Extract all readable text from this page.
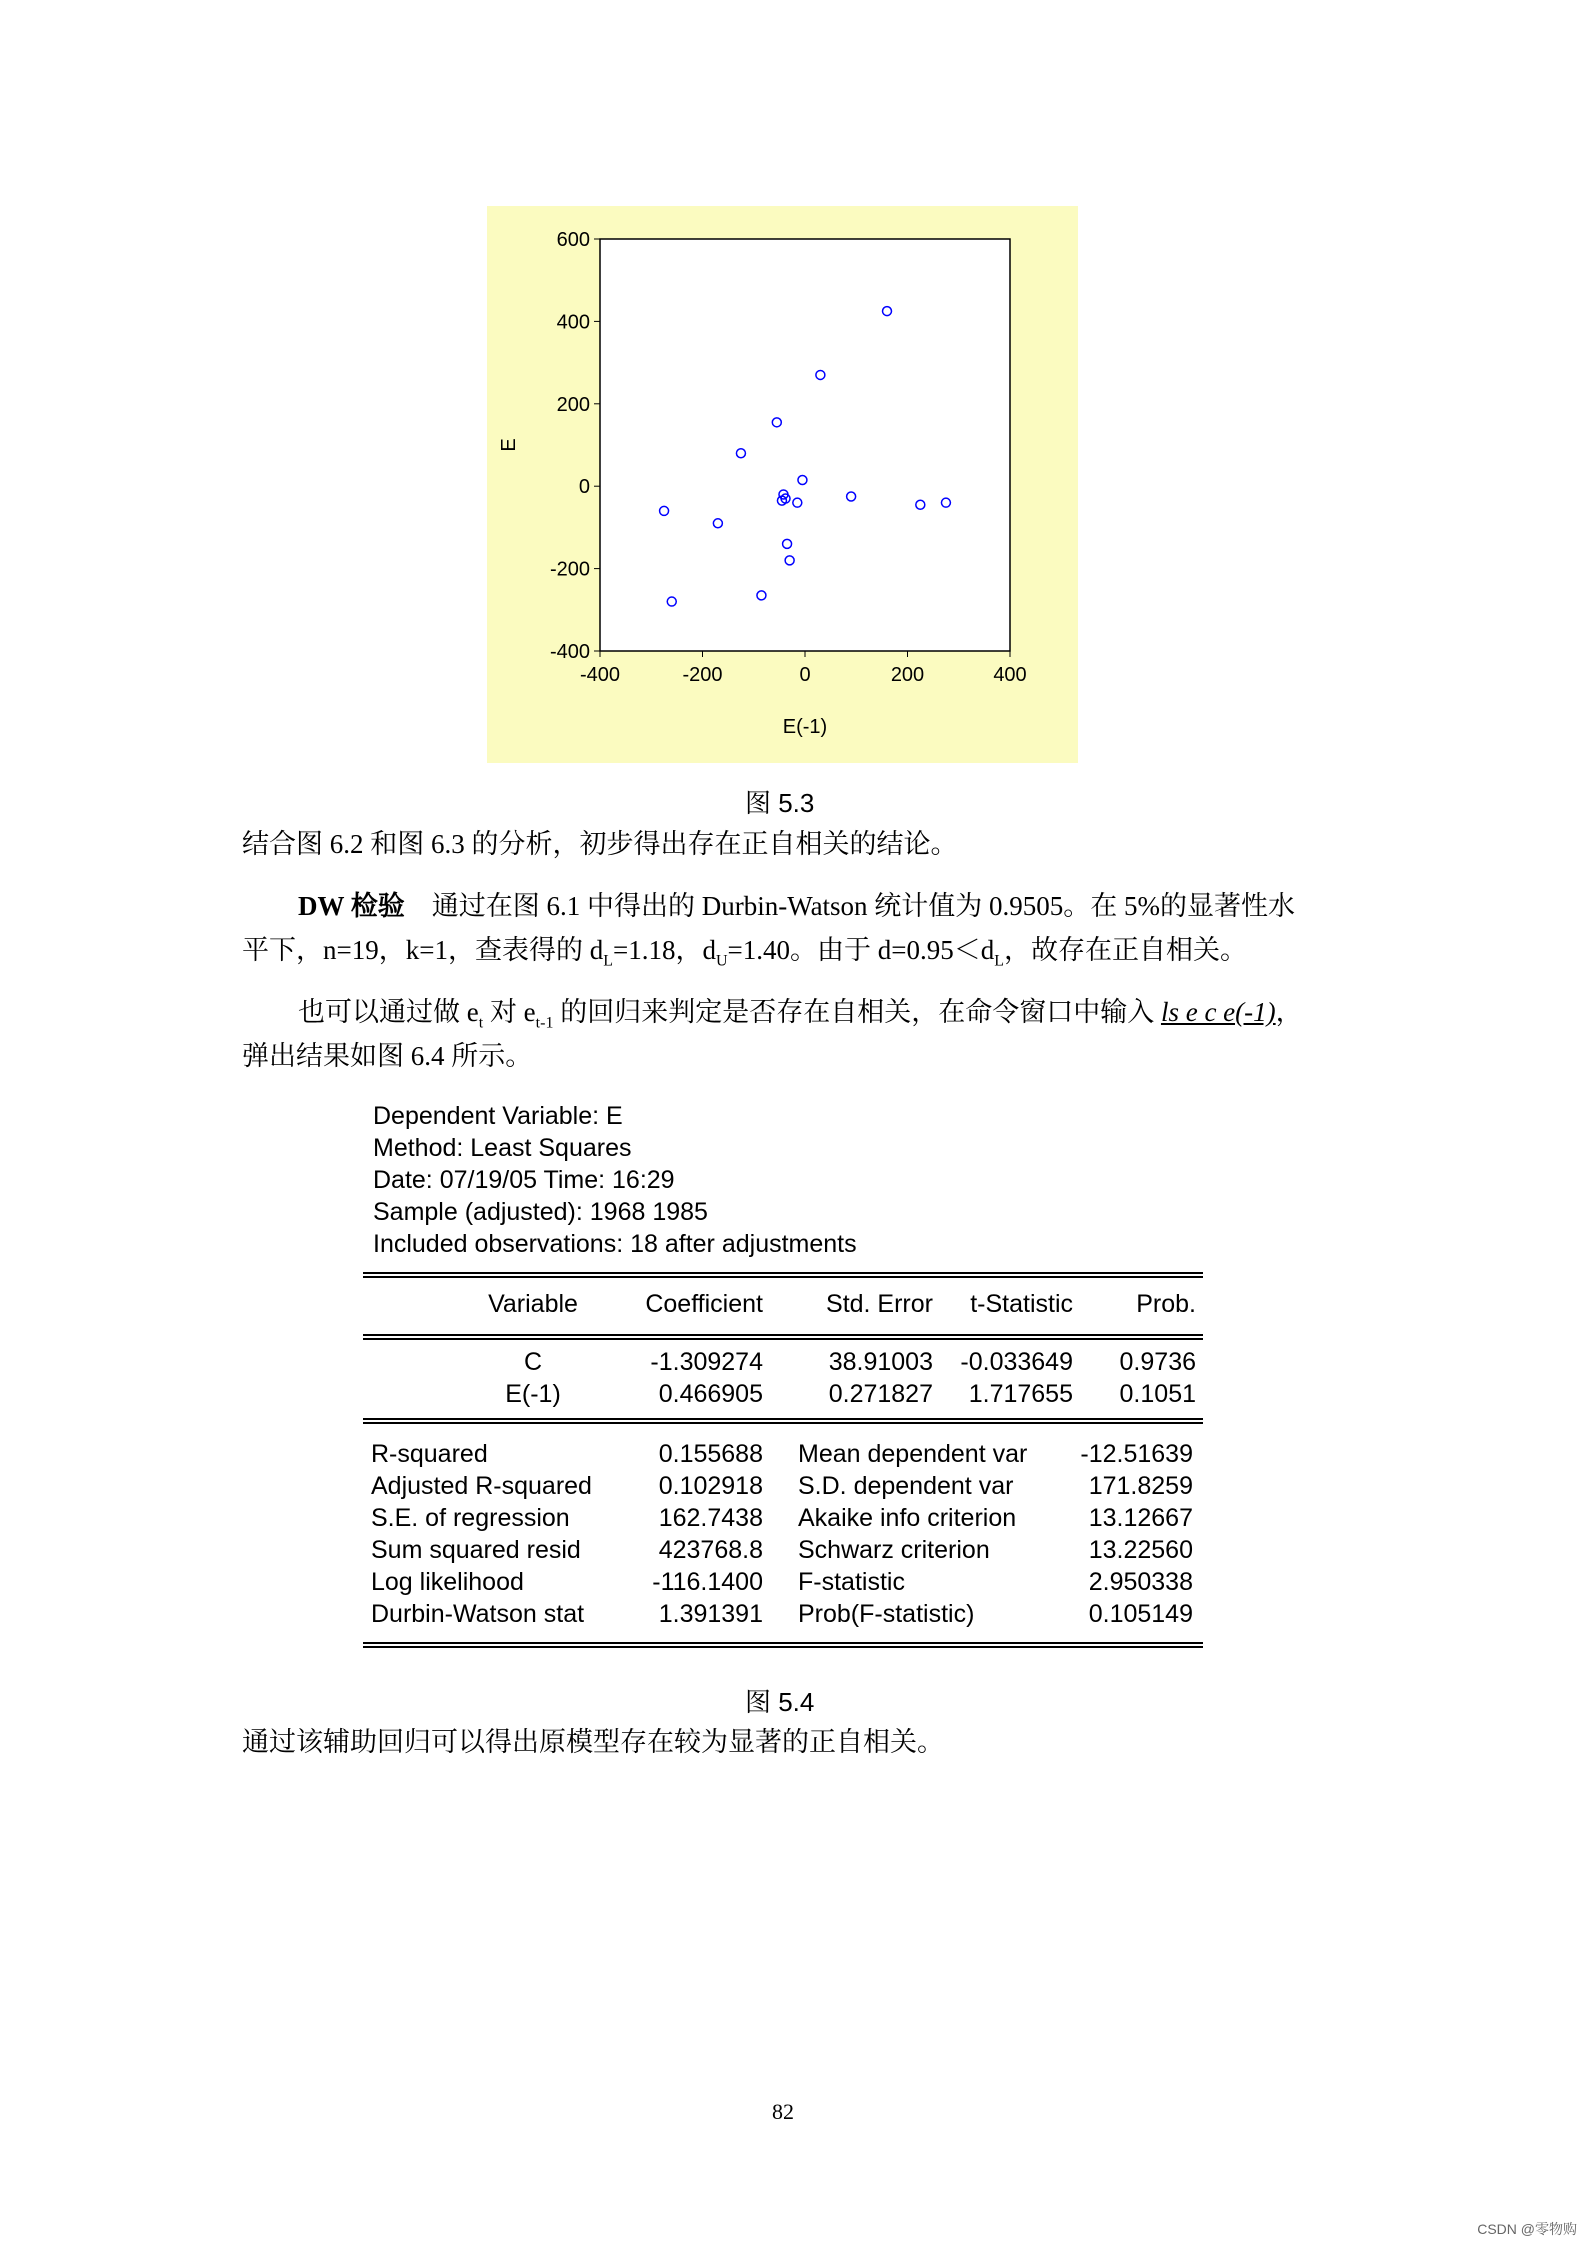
600
400
200
0
-200
-400
-400	-200	0	200	400
E(-1)
E
图 5.3
结合图 6.2 和图 6.3 的分析，初步得出存在正自相关的结论。
DW 检验 通过在图 6.1 中得出的 Durbin-Watson 统计值为 0.9505。在 5%的显著性水
平下，n=19，k=1，查表得的 $d_L=1.18$，$d_U=1.40$。由于 $d=0.95<d_L$，故存在正自相关。
也可以通过做 $e_t$ 对 $e_{t-1}$ 的回归来判定是否存在自相关，在命令窗口中输入 ls e c e(-1)，
弹出结果如图 6.4 所示。
Dependent Variable: E
Method: Least Squares
Date: 07/19/05 Time: 16:29
Sample (adjusted): 1968 1985
Included observations: 18 after adjustments
Variable	Coefficient	Std. Error	t-Statistic	Prob.
C	-1.309274	38.91003	-0.033649	0.9736
E(-1)	0.466905	0.271827	1.717655	0.1051
R-squared	0.155688 Mean dependent var	-12.51639
Adjusted R-squared	0.102918 S.D. dependent var	171.8259
S.E. of regression	162.7438 Akaike info criterion	13.12667
Sum squared resid	423768.8 Schwarz criterion	13.22560
Log likelihood	-116.1400 F-statistic	2.950338
Durbin-Watson stat	1.391391 Prob(F-statistic)	0.105149
图 5.4
通过该辅助回归可以得出原模型存在较为显著的正自相关。
82
CSDN @零物购
